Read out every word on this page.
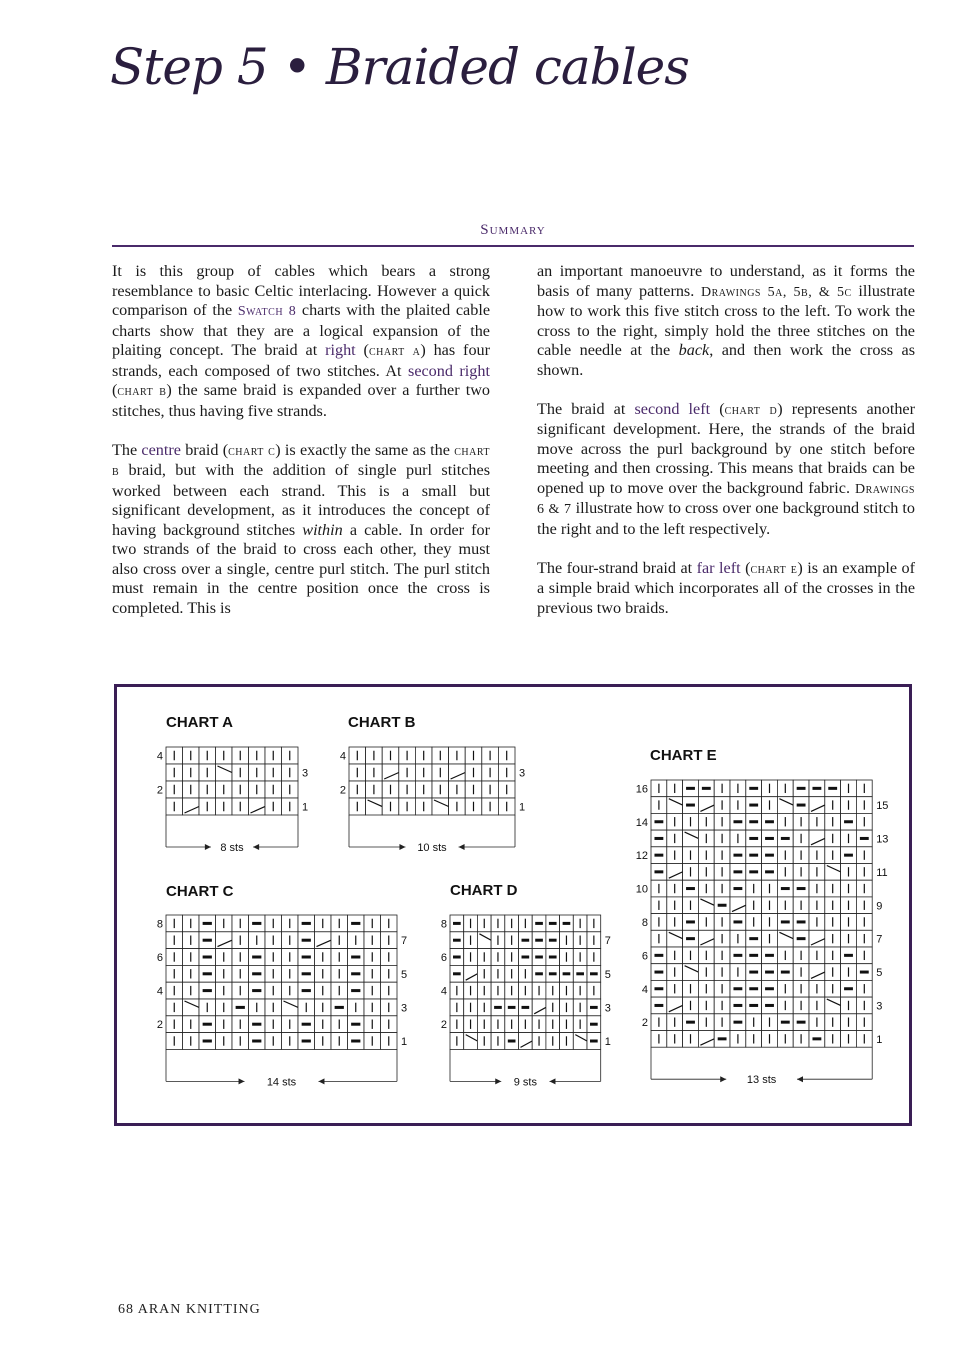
Step 5 • Braided cables
Summary

It is this group of cables which bears a strong resemblance to basic Celtic interlacing. However a quick comparison of the Swatch 8 charts with the plaited cable charts show that they are a logical expansion of the plaiting concept. The braid at right (chart a) has four strands, each composed of two stitches. At second right (chart b) the same braid is expanded over a further two stitches, thus having five strands.

The centre braid (chart c) is exactly the same as the chart b braid, but with the addition of single purl stitches worked between each strand. This is a small but significant development, as it introduces the concept of having background stitches within a cable. In order for two strands of the braid to cross each other, they must also cross over a single, centre purl stitch. The purl stitch must remain in the centre position once the cross is completed. This is

an important manoeuvre to understand, as it forms the basis of many patterns. Drawings 5a, 5b, & 5c illustrate how to work this five stitch cross to the left. To work the cross to the right, simply hold the three stitches on the cable needle at the back, and then work the cross as shown.

The braid at second left (chart d) represents another significant development. Here, the strands of the braid move across the purl background by one stitch before meeting and then crossing. This means that braids can be opened up to move over the background fabric. Drawings 6 & 7 illustrate how to cross over one background stitch to the right and to the left respectively.

The four-strand braid at far left (chart e) is an example of a simple braid which incorporates all of the crosses in the previous two braids.

CHART A	CHART B
CHART E
CHART C	CHART D
4
3
2
1
8 sts
4
3
2
1
10 sts
8
7
6
5
4
3
2
1
14 sts
8
7
6
5
4
3
2
1
9 sts
16
15
14
13
12
11
10
9
8
7
6
5
4
3
2
1
13 sts
68 ARAN KNITTING
